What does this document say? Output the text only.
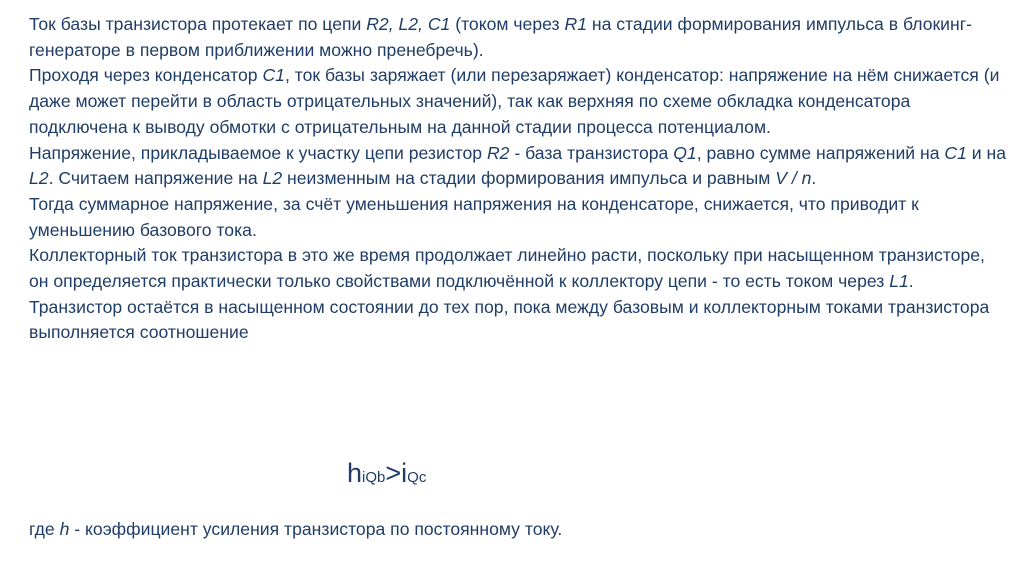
Ток базы транзистора протекает по цепи R2, L2, C1 (током через R1 на стадии формирования импульса в блокинг-генераторе в первом приближении можно пренебречь).

Проходя через конденсатор C1, ток базы заряжает (или перезаряжает) конденсатор: напряжение на нём снижается (и даже может перейти в область отрицательных значений), так как верхняя по схеме обкладка конденсатора подключена к выводу обмотки с отрицательным на данной стадии процесса потенциалом.

Напряжение, прикладываемое к участку цепи резистор R2 - база транзистора Q1, равно сумме напряжений на C1 и на L2. Считаем напряжение на L2 неизменным на стадии формирования импульса и равным V / n.

Тогда суммарное напряжение, за счёт уменьшения напряжения на конденсаторе, снижается, что приводит к уменьшению базового тока.

Коллекторный ток транзистора в это же время продолжает линейно расти, поскольку при насыщенном транзисторе, он определяется практически только свойствами подключённой к коллектору цепи - то есть током через L1.

Транзистор остаётся в насыщенном состоянии до тех пор, пока между базовым и коллекторным токами транзистора выполняется соотношение

hiQb>iQc
где h - коэффициент усиления транзистора по постоянному току.
